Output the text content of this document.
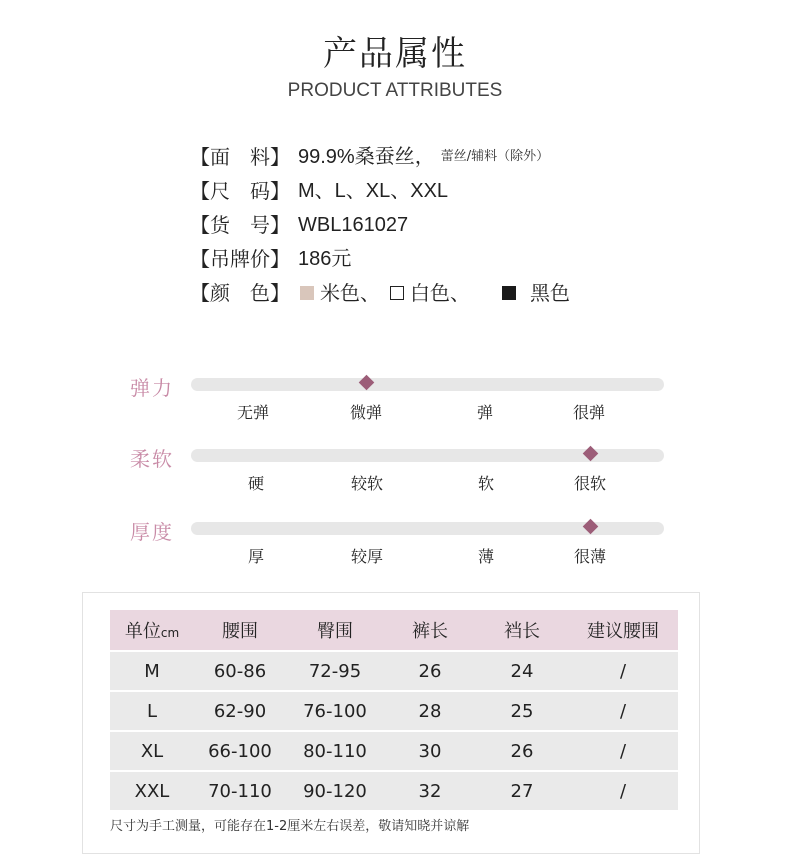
产品属性
PRODUCT ATTRIBUTES
【面　料】 99.9%桑蚕丝， 蕾丝/辅料（除外）
【尺　码】 M、L、XL、XXL
【货　号】 WBL161027
【吊牌价】 186元
【颜　色】	米色、 白色、	黑色
弹力
无弹	微弹	弹	很弹
柔软
硬	较软	软	很软
厚度
厚	较厚	薄	很薄
单位cm	腰围	臀围	裤长	裆长	建议腰围
M	60-86	72-95	26	24	/
L	62-90	76-100	28	25	/
XL	66-100	80-110	30	26	/
XXL	70-110	90-120	32	27	/
尺寸为手工测量，可能存在1-2厘米左右误差，敬请知晓并谅解
